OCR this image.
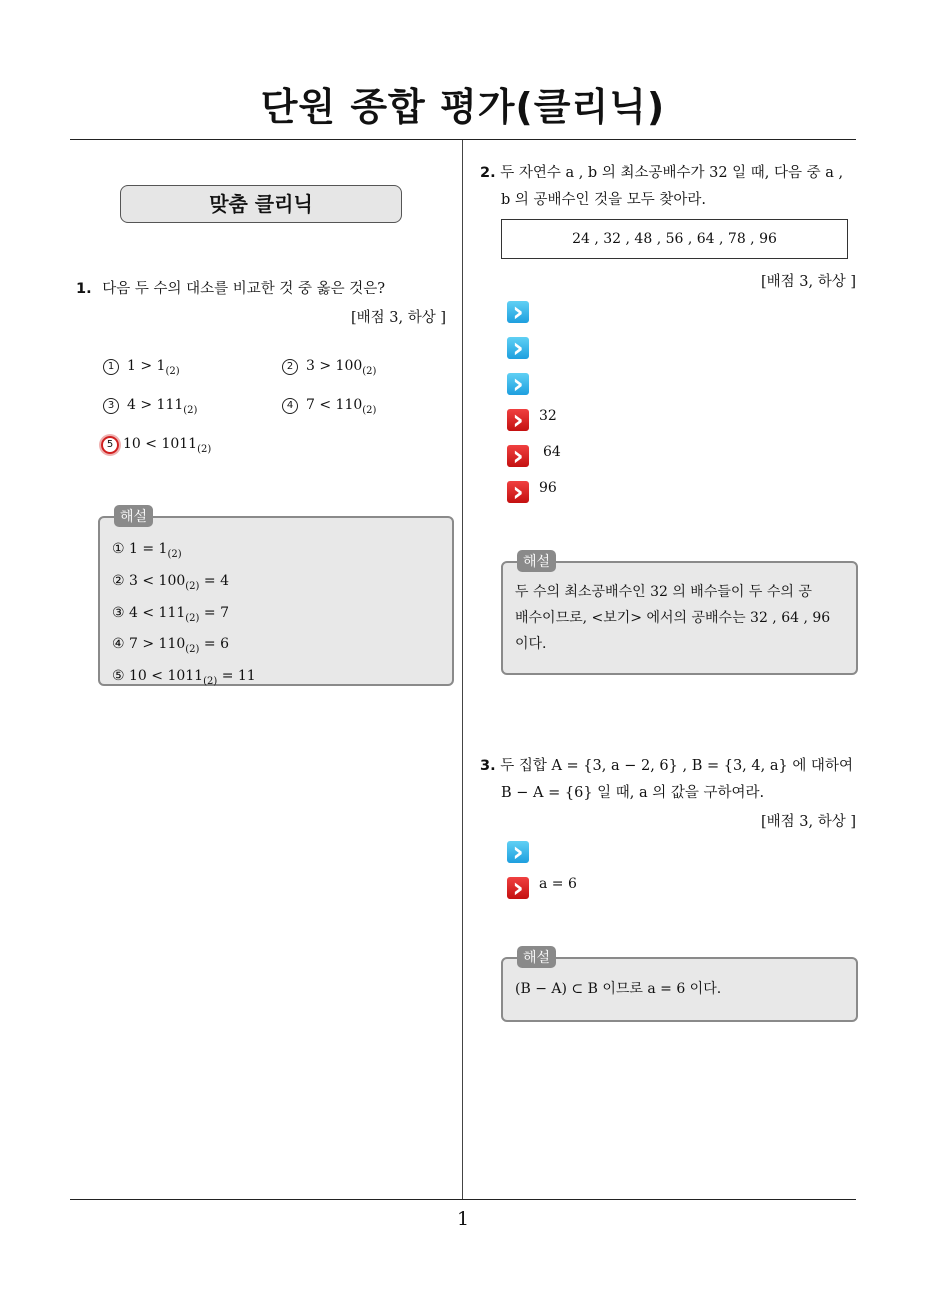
단원 종합 평가(클리닉)
1
맞춤 클리닉
1. 다음 두 수의 대소를 비교한 것 중 옳은 것은?
[배점 3, 하상 ]
1 $1 > 1_{(2)}$	2 $3 > 100_{(2)}$
3 $4 > 111_{(2)}$	4 $7 < 110_{(2)}$
5 $10 < 1011_{(2)}$
해설
① $1 = 1_{(2)}$
② $3 < 100_{(2)} = 4$
③ $4 < 111_{(2)} = 7$
④ $7 > 110_{(2)} = 6$
⑤ $10 < 1011_{(2)} = 11$
2. 두 자연수 a , b 의 최소공배수가 32 일 때, 다음 중 a ,
b 의 공배수인 것을 모두 찾아라.
24 , 32 , 48 , 56 , 64 , 78 , 96
[배점 3, 하상 ]
›
›
›
›
32
›
64
›
96
해설
두 수의 최소공배수인 32 의 배수들이 두 수의 공
배수이므로, <보기> 에서의 공배수는 32 , 64 , 96
이다.
3. 두 집합 A = {3, a − 2, 6} , B = {3, 4, a} 에 대하여
B − A = {6} 일 때, a 의 값을 구하여라.
[배점 3, 하상 ]
›
›
a = 6
해설
(B − A) ⊂ B 이므로 a = 6 이다.
